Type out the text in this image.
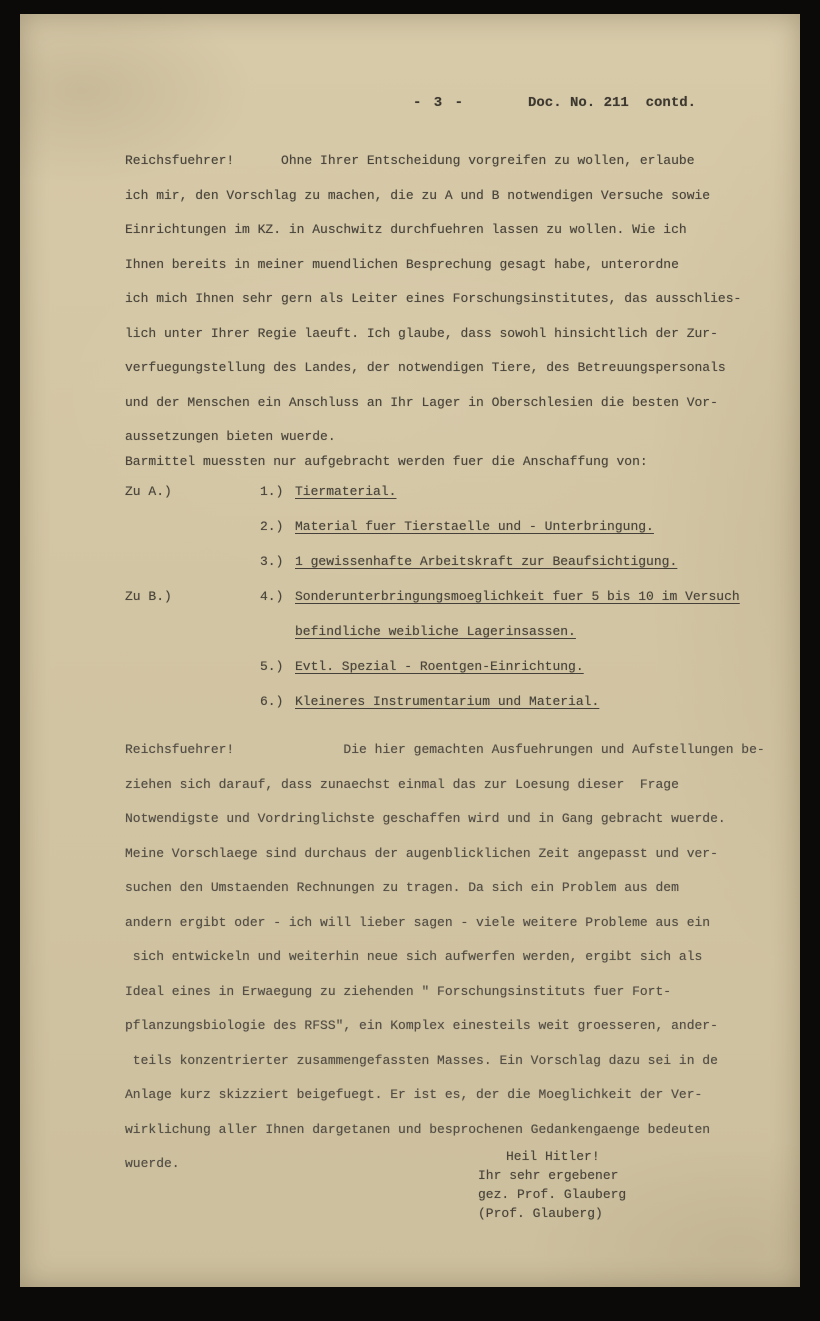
- 3 -	Doc. No. 211  contd.
Reichsfuehrer!      Ohne Ihrer Entscheidung vorgreifen zu wollen, erlaube
ich mir, den Vorschlag zu machen, die zu A und B notwendigen Versuche sowie
Einrichtungen im KZ. in Auschwitz durchfuehren lassen zu wollen. Wie ich
Ihnen bereits in meiner muendlichen Besprechung gesagt habe, unterordne
ich mich Ihnen sehr gern als Leiter eines Forschungsinstitutes, das ausschlies-
lich unter Ihrer Regie laeuft. Ich glaube, dass sowohl hinsichtlich der Zur-
verfuegungstellung des Landes, der notwendigen Tiere, des Betreuungspersonals
und der Menschen ein Anschluss an Ihr Lager in Oberschlesien die besten Vor-
aussetzungen bieten wuerde.
Barmittel muessten nur aufgebracht werden fuer die Anschaffung von:
Zu A.)	1.) Tiermaterial.
2.) Material fuer Tierstaelle und - Unterbringung.
3.) 1 gewissenhafte Arbeitskraft zur Beaufsichtigung.
Zu B.)	4.) Sonderunterbringungsmoeglichkeit fuer 5 bis 10 im Versuch
befindliche weibliche Lagerinsassen.
5.) Evtl. Spezial - Roentgen-Einrichtung.
6.) Kleineres Instrumentarium und Material.
Reichsfuehrer!              Die hier gemachten Ausfuehrungen und Aufstellungen be-
ziehen sich darauf, dass zunaechst einmal das zur Loesung dieser  Frage
Notwendigste und Vordringlichste geschaffen wird und in Gang gebracht wuerde.
Meine Vorschlaege sind durchaus der augenblicklichen Zeit angepasst und ver-
suchen den Umstaenden Rechnungen zu tragen. Da sich ein Problem aus dem
andern ergibt oder - ich will lieber sagen - viele weitere Probleme aus ein
sich entwickeln und weiterhin neue sich aufwerfen werden, ergibt sich als
Ideal eines in Erwaegung zu ziehenden " Forschungsinstituts fuer Fort-
pflanzungsbiologie des RFSS", ein Komplex einesteils weit groesseren, ander-
teils konzentrierter zusammengefassten Masses. Ein Vorschlag dazu sei in de
Anlage kurz skizziert beigefuegt. Er ist es, der die Moeglichkeit der Ver-
wirklichung aller Ihnen dargetanen und besprochenen Gedankengaenge bedeuten
wuerde.	Heil Hitler!
Ihr sehr ergebener
gez. Prof. Glauberg
(Prof. Glauberg)
